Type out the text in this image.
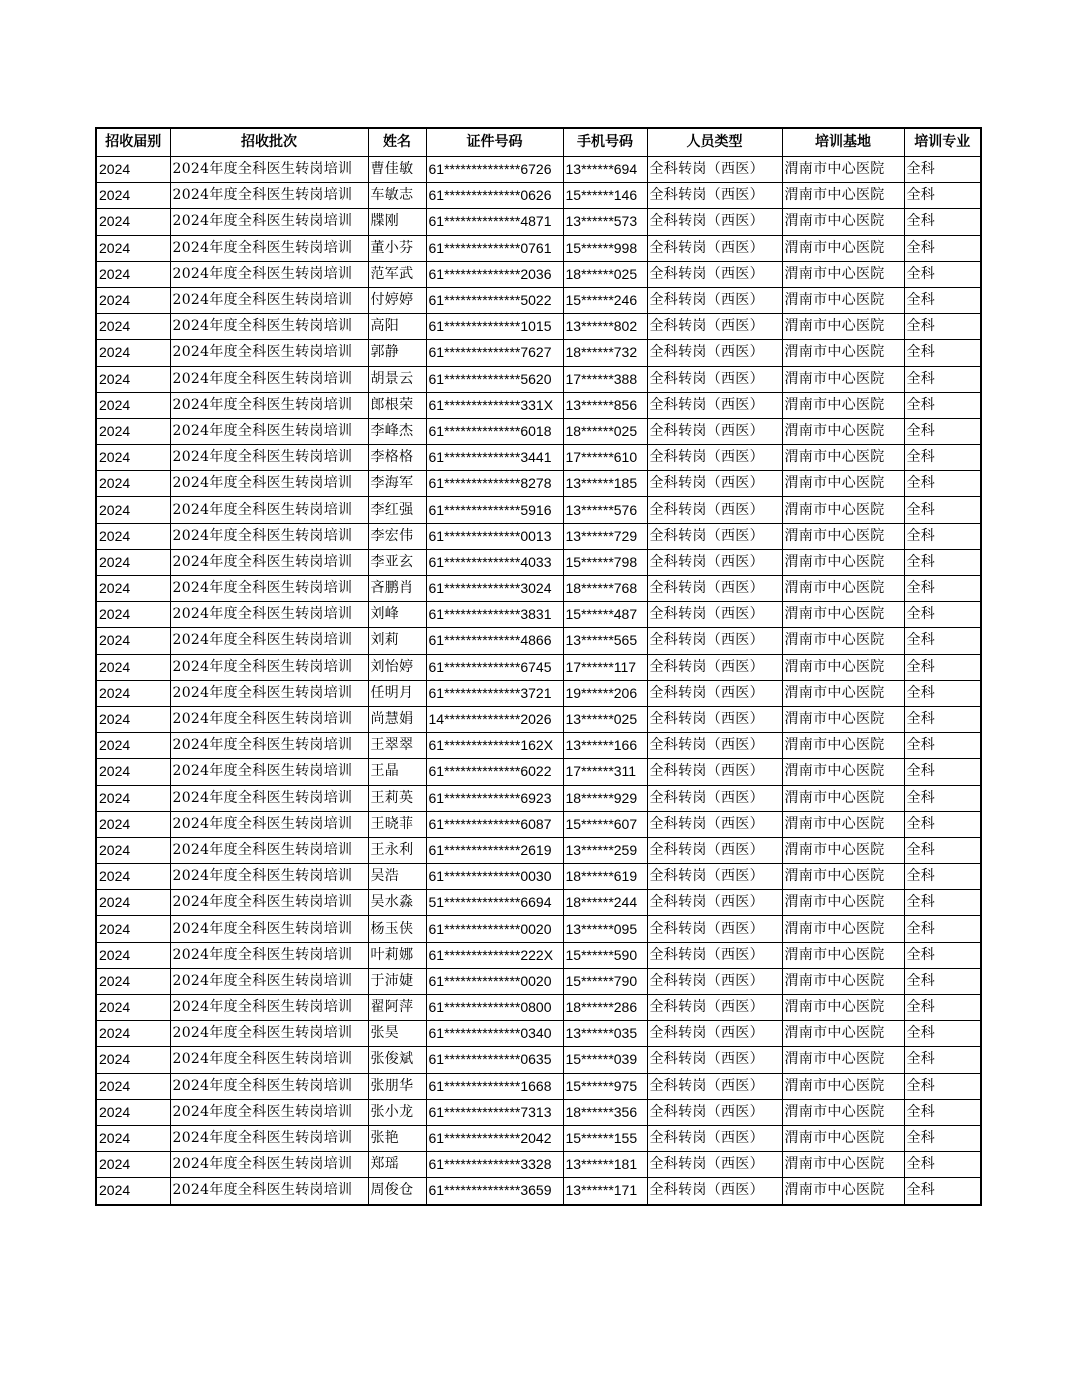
招收届别	招收批次	姓名	证件号码	手机号码	人员类型	培训基地	培训专业
2024	2024年度全科医生转岗培训	曹佳敏	61**************6726	13******694	全科转岗（西医）	渭南市中心医院	全科
2024	2024年度全科医生转岗培训	车敏志	61**************0626	15******146	全科转岗（西医）	渭南市中心医院	全科
2024	2024年度全科医生转岗培训	牒刚	61**************4871	13******573	全科转岗（西医）	渭南市中心医院	全科
2024	2024年度全科医生转岗培训	董小芬	61**************0761	15******998	全科转岗（西医）	渭南市中心医院	全科
2024	2024年度全科医生转岗培训	范军武	61**************2036	18******025	全科转岗（西医）	渭南市中心医院	全科
2024	2024年度全科医生转岗培训	付婷婷	61**************5022	15******246	全科转岗（西医）	渭南市中心医院	全科
2024	2024年度全科医生转岗培训	高阳	61**************1015	13******802	全科转岗（西医）	渭南市中心医院	全科
2024	2024年度全科医生转岗培训	郭静	61**************7627	18******732	全科转岗（西医）	渭南市中心医院	全科
2024	2024年度全科医生转岗培训	胡景云	61**************5620	17******388	全科转岗（西医）	渭南市中心医院	全科
2024	2024年度全科医生转岗培训	郎根荣	61**************331X	13******856	全科转岗（西医）	渭南市中心医院	全科
2024	2024年度全科医生转岗培训	李峰杰	61**************6018	18******025	全科转岗（西医）	渭南市中心医院	全科
2024	2024年度全科医生转岗培训	李格格	61**************3441	17******610	全科转岗（西医）	渭南市中心医院	全科
2024	2024年度全科医生转岗培训	李海军	61**************8278	13******185	全科转岗（西医）	渭南市中心医院	全科
2024	2024年度全科医生转岗培训	李红强	61**************5916	13******576	全科转岗（西医）	渭南市中心医院	全科
2024	2024年度全科医生转岗培训	李宏伟	61**************0013	13******729	全科转岗（西医）	渭南市中心医院	全科
2024	2024年度全科医生转岗培训	李亚玄	61**************4033	15******798	全科转岗（西医）	渭南市中心医院	全科
2024	2024年度全科医生转岗培训	吝鹏肖	61**************3024	18******768	全科转岗（西医）	渭南市中心医院	全科
2024	2024年度全科医生转岗培训	刘峰	61**************3831	15******487	全科转岗（西医）	渭南市中心医院	全科
2024	2024年度全科医生转岗培训	刘莉	61**************4866	13******565	全科转岗（西医）	渭南市中心医院	全科
2024	2024年度全科医生转岗培训	刘怡婷	61**************6745	17******117	全科转岗（西医）	渭南市中心医院	全科
2024	2024年度全科医生转岗培训	任明月	61**************3721	19******206	全科转岗（西医）	渭南市中心医院	全科
2024	2024年度全科医生转岗培训	尚慧娟	14**************2026	13******025	全科转岗（西医）	渭南市中心医院	全科
2024	2024年度全科医生转岗培训	王翠翠	61**************162X	13******166	全科转岗（西医）	渭南市中心医院	全科
2024	2024年度全科医生转岗培训	王晶	61**************6022	17******311	全科转岗（西医）	渭南市中心医院	全科
2024	2024年度全科医生转岗培训	王莉英	61**************6923	18******929	全科转岗（西医）	渭南市中心医院	全科
2024	2024年度全科医生转岗培训	王晓菲	61**************6087	15******607	全科转岗（西医）	渭南市中心医院	全科
2024	2024年度全科医生转岗培训	王永利	61**************2619	13******259	全科转岗（西医）	渭南市中心医院	全科
2024	2024年度全科医生转岗培训	吴浩	61**************0030	18******619	全科转岗（西医）	渭南市中心医院	全科
2024	2024年度全科医生转岗培训	吴水淼	51**************6694	18******244	全科转岗（西医）	渭南市中心医院	全科
2024	2024年度全科医生转岗培训	杨玉侠	61**************0020	13******095	全科转岗（西医）	渭南市中心医院	全科
2024	2024年度全科医生转岗培训	叶莉娜	61**************222X	15******590	全科转岗（西医）	渭南市中心医院	全科
2024	2024年度全科医生转岗培训	于沛婕	61**************0020	15******790	全科转岗（西医）	渭南市中心医院	全科
2024	2024年度全科医生转岗培训	翟阿萍	61**************0800	18******286	全科转岗（西医）	渭南市中心医院	全科
2024	2024年度全科医生转岗培训	张昊	61**************0340	13******035	全科转岗（西医）	渭南市中心医院	全科
2024	2024年度全科医生转岗培训	张俊斌	61**************0635	15******039	全科转岗（西医）	渭南市中心医院	全科
2024	2024年度全科医生转岗培训	张朋华	61**************1668	15******975	全科转岗（西医）	渭南市中心医院	全科
2024	2024年度全科医生转岗培训	张小龙	61**************7313	18******356	全科转岗（西医）	渭南市中心医院	全科
2024	2024年度全科医生转岗培训	张艳	61**************2042	15******155	全科转岗（西医）	渭南市中心医院	全科
2024	2024年度全科医生转岗培训	郑瑶	61**************3328	13******181	全科转岗（西医）	渭南市中心医院	全科
2024	2024年度全科医生转岗培训	周俊仓	61**************3659	13******171	全科转岗（西医）	渭南市中心医院	全科
